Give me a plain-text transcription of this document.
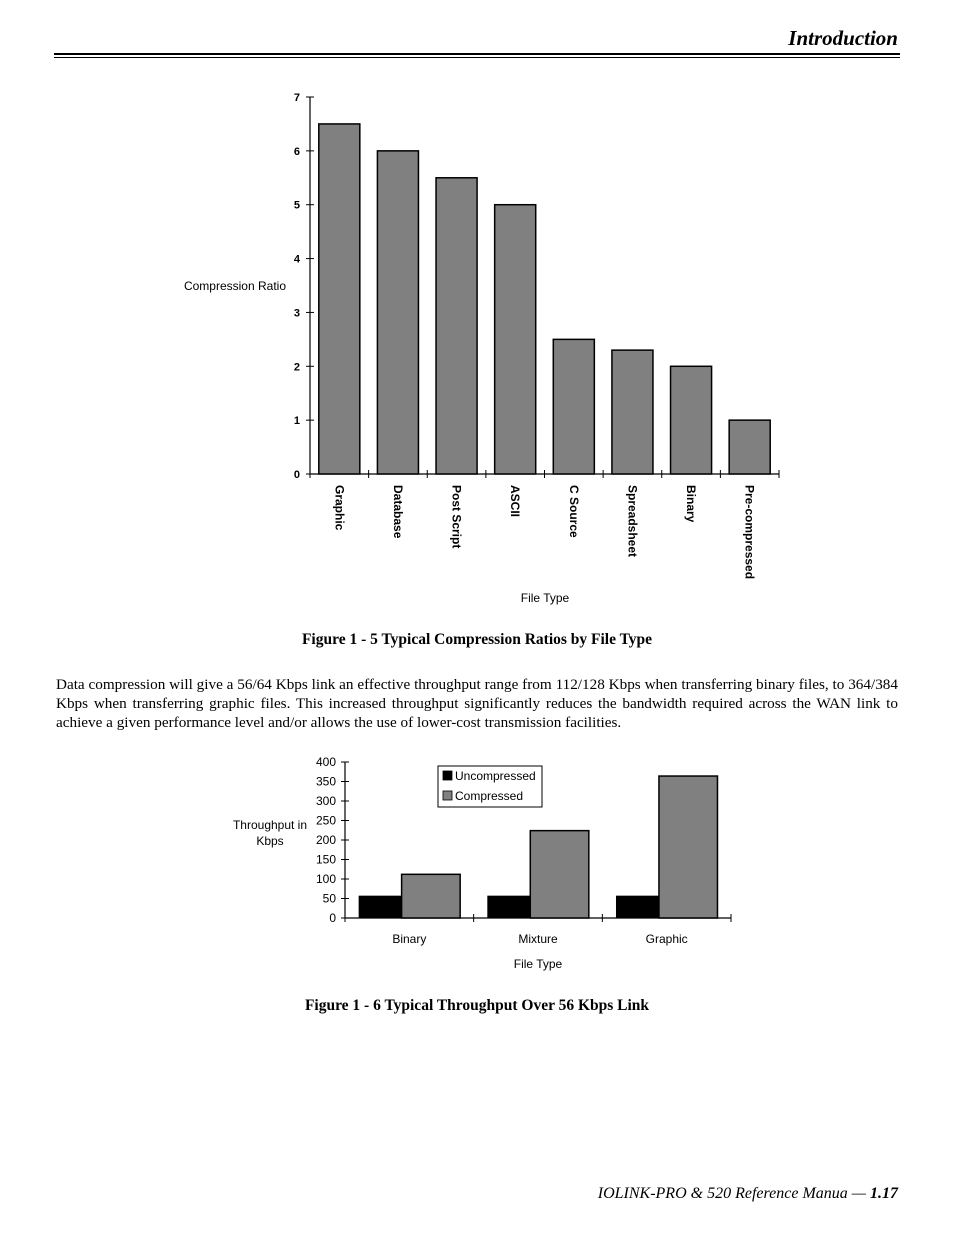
Introduction
0
1
2
3
4
5
6
7
Graphic	Database	Post Script	ASCII	C Source	Spreadsheet	Binary	Pre-compressed
Compression Ratio
File Type
Figure 1 - 5 Typical Compression Ratios by File Type
Data compression will give a 56/64 Kbps link an effective throughput range from 112/128 Kbps when transferring binary files, to 364/384 Kbps when transferring graphic files. This increased throughput significantly reduces the bandwidth required across the WAN link to achieve a given performance level and/or allows the use of lower-cost transmission facilities.
0
50
100
150
200
250
300
350
400
Binary	Mixture	Graphic
Uncompressed
Compressed
Throughput in
Kbps
File Type
Figure 1 - 6 Typical Throughput Over 56 Kbps Link
IOLINK-PRO & 520 Reference Manua — 1.17
